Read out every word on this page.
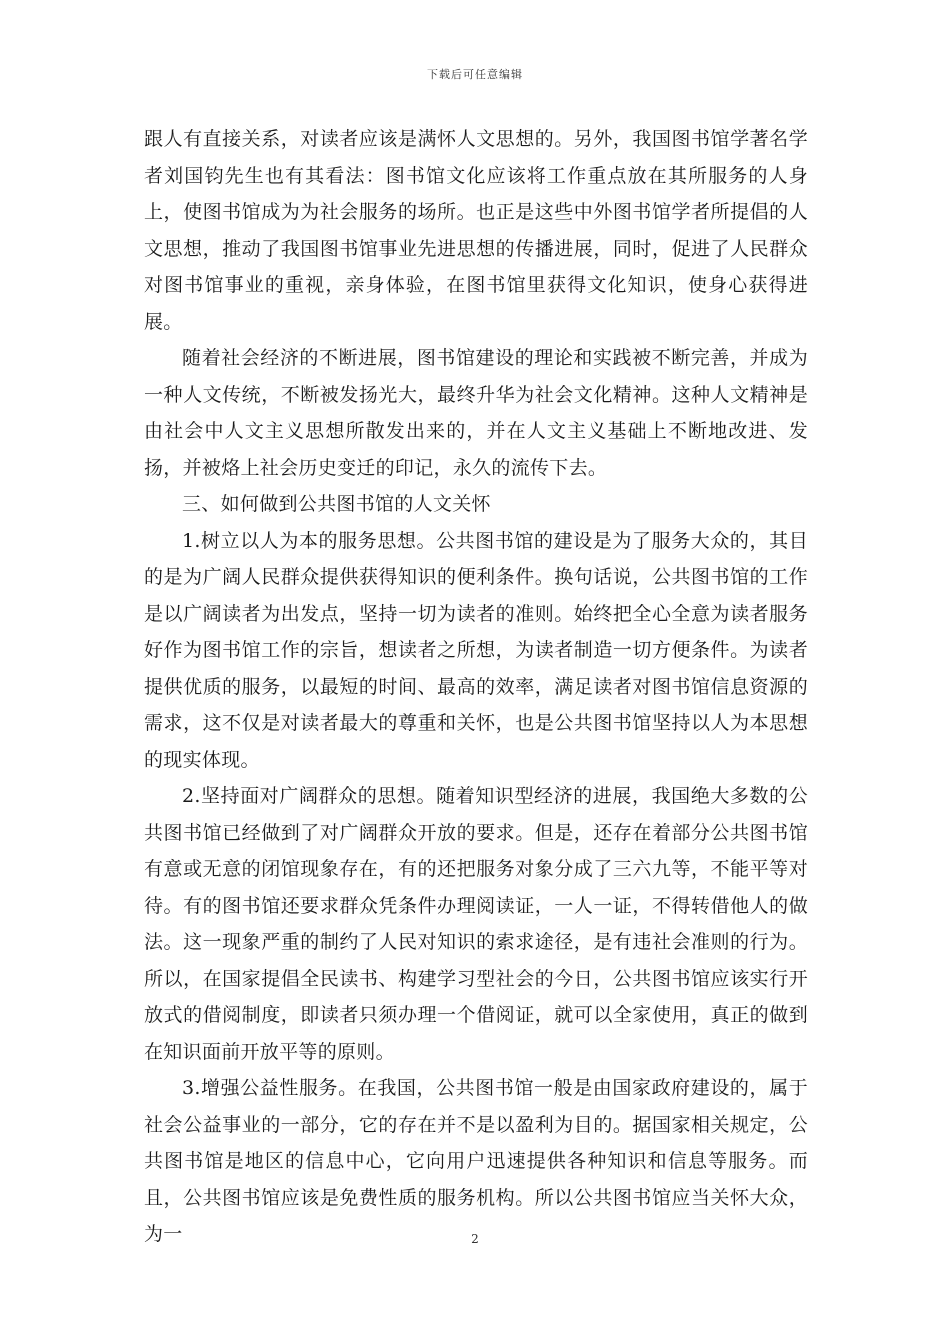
下载后可任意编辑

跟人有直接关系，对读者应该是满怀人文思想的。另外，我国图书馆学著名学者刘国钧先生也有其看法：图书馆文化应该将工作重点放在其所服务的人身上，使图书馆成为为社会服务的场所。也正是这些中外图书馆学者所提倡的人文思想，推动了我国图书馆事业先进思想的传播进展，同时，促进了人民群众对图书馆事业的重视，亲身体验，在图书馆里获得文化知识，使身心获得进展。

随着社会经济的不断进展，图书馆建设的理论和实践被不断完善，并成为一种人文传统，不断被发扬光大，最终升华为社会文化精神。这种人文精神是由社会中人文主义思想所散发出来的，并在人文主义基础上不断地改进、发扬，并被烙上社会历史变迁的印记，永久的流传下去。

三、如何做到公共图书馆的人文关怀

1.树立以人为本的服务思想。公共图书馆的建设是为了服务大众的，其目的是为广阔人民群众提供获得知识的便利条件。换句话说，公共图书馆的工作是以广阔读者为出发点，坚持一切为读者的准则。始终把全心全意为读者服务好作为图书馆工作的宗旨，想读者之所想，为读者制造一切方便条件。为读者提供优质的服务，以最短的时间、最高的效率，满足读者对图书馆信息资源的需求，这不仅是对读者最大的尊重和关怀，也是公共图书馆坚持以人为本思想的现实体现。

2.坚持面对广阔群众的思想。随着知识型经济的进展，我国绝大多数的公共图书馆已经做到了对广阔群众开放的要求。但是，还存在着部分公共图书馆有意或无意的闭馆现象存在，有的还把服务对象分成了三六九等，不能平等对待。有的图书馆还要求群众凭条件办理阅读证，一人一证，不得转借他人的做法。这一现象严重的制约了人民对知识的索求途径，是有违社会准则的行为。所以，在国家提倡全民读书、构建学习型社会的今日，公共图书馆应该实行开放式的借阅制度，即读者只须办理一个借阅证，就可以全家使用，真正的做到在知识面前开放平等的原则。

3.增强公益性服务。在我国，公共图书馆一般是由国家政府建设的，属于社会公益事业的一部分，它的存在并不是以盈利为目的。据国家相关规定，公共图书馆是地区的信息中心，它向用户迅速提供各种知识和信息等服务。而且，公共图书馆应该是免费性质的服务机构。所以公共图书馆应当关怀大众，为一	2
